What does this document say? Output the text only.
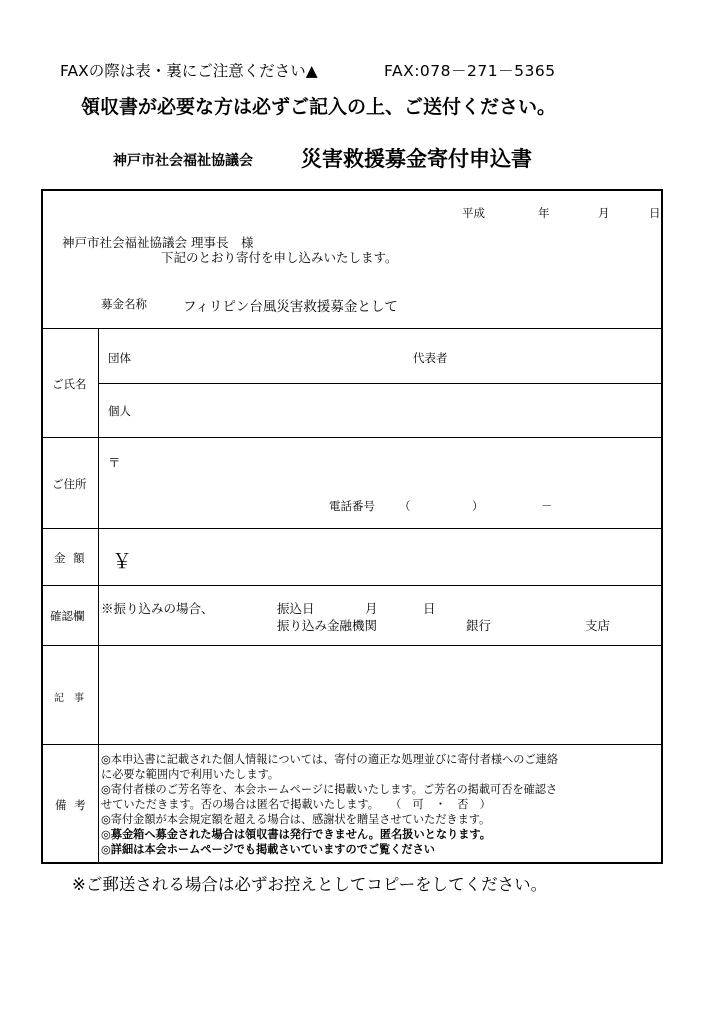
FAXの際は表・裏にご注意ください▲	FAX:078－271－5365
領収書が必要な方は必ずご記入の上、ご送付ください。
神戸市社会福祉協議会 災害救援募金寄付申込書
平成	年	月	日
神戸市社会福祉協議会 理事長　様
下記のとおり寄付を申し込みいたします。
募金名称	フィリピン台風災害救援募金として
ご氏名
団体	代表者
個人
ご住所
〒
電話番号 （	）	－
金 額 ￥
確認欄 ※振り込みの場合、	振込日	月	日
振り込み金融機関	銀行	支店
記　事
備 考
◎本申込書に記載された個人情報については、寄付の適正な処理並びに寄付者様へのご連絡
に必要な範囲内で利用いたします。
◎寄付者様のご芳名等を、本会ホームページに掲載いたします。ご芳名の掲載可否を確認さ
せていただきます。否の場合は匿名で掲載いたします。　　（　可　・　否　）
◎寄付金額が本会規定額を超える場合は、感謝状を贈呈させていただきます。
◎募金箱へ募金された場合は領収書は発行できません。匿名扱いとなります。
◎詳細は本会ホームページでも掲載さいていますのでご覧ください
※ご郵送される場合は必ずお控えとしてコピーをしてください。
